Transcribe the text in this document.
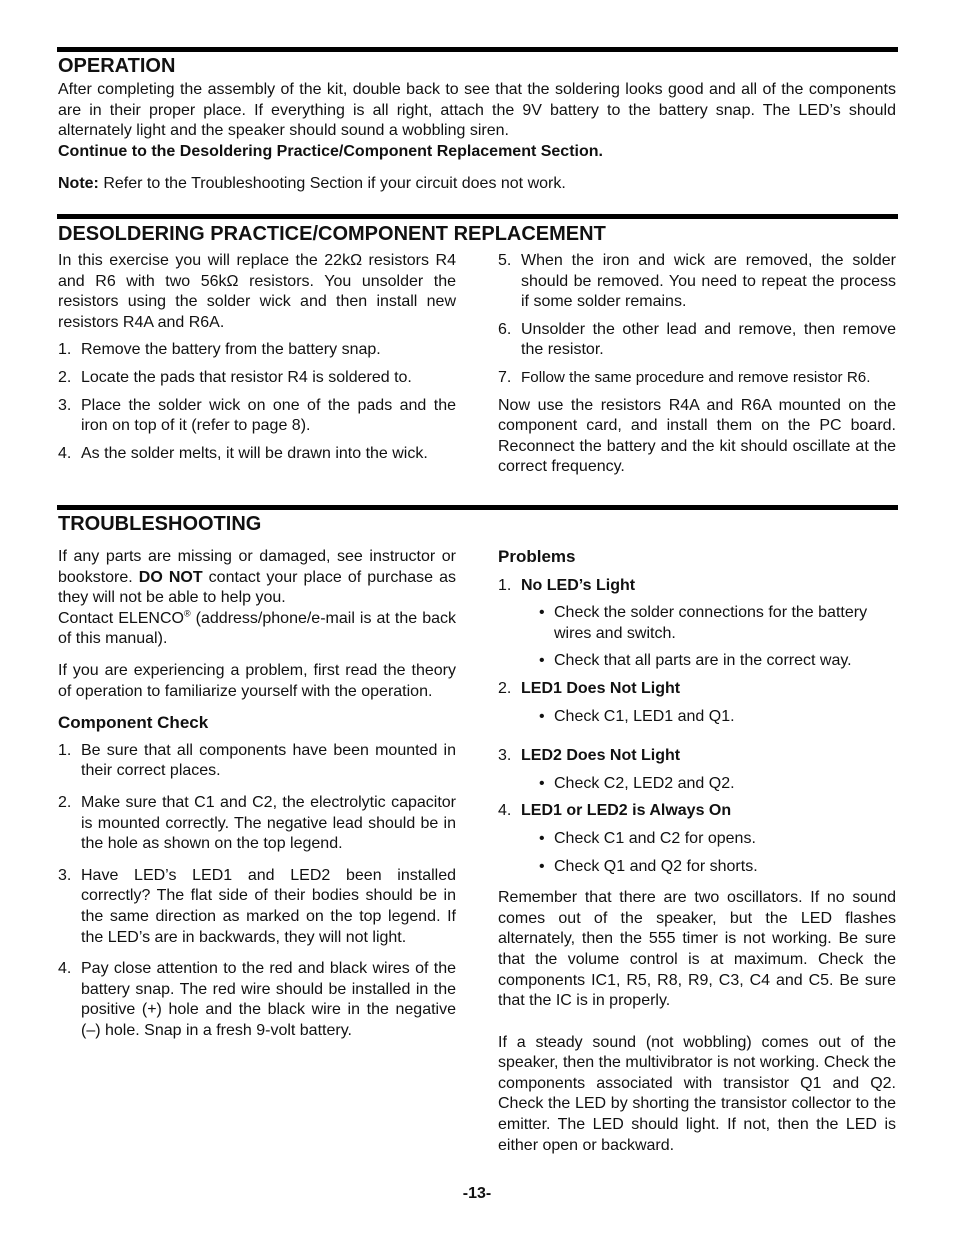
OPERATION

After completing the assembly of the kit, double back to see that the soldering looks good and all of the components are in their proper place. If everything is all right, attach the 9V battery to the battery snap. The LED’s should alternately light and the speaker should sound a wobbling siren.

Continue to the Desoldering Practice/Component Replacement Section.

Note: Refer to the Troubleshooting Section if your circuit does not work.

DESOLDERING PRACTICE/COMPONENT REPLACEMENT

In this exercise you will replace the 22kΩ resistors R4 and R6 with two 56kΩ resistors. You unsolder the resistors using the solder wick and then install new resistors R4A and R6A.

1. Remove the battery from the battery snap.
2. Locate the pads that resistor R4 is soldered to.
3. Place the solder wick on one of the pads and the iron on top of it (refer to page 8).
4. As the solder melts, it will be drawn into the wick.
5. When the iron and wick are removed, the solder should be removed. You need to repeat the process if some solder remains.
6. Unsolder the other lead and remove, then remove the resistor.
7. Follow the same procedure and remove resistor R6.

Now use the resistors R4A and R6A mounted on the component card, and install them on the PC board. Reconnect the battery and the kit should oscillate at the correct frequency.

TROUBLESHOOTING

If any parts are missing or damaged, see instructor or bookstore. DO NOT contact your place of purchase as they will not be able to help you.
Contact ELENCO® (address/phone/e-mail is at the back of this manual).

If you are experiencing a problem, first read the theory of operation to familiarize yourself with the operation.

Component Check

1. Be sure that all components have been mounted in their correct places.
2. Make sure that C1 and C2, the electrolytic capacitor is mounted correctly. The negative lead should be in the hole as shown on the top legend.
3. Have LED’s LED1 and LED2 been installed correctly? The flat side of their bodies should be in the same direction as marked on the top legend. If the LED’s are in backwards, they will not light.
4. Pay close attention to the red and black wires of the battery snap. The red wire should be installed in the positive (+) hole and the black wire in the negative (–) hole. Snap in a fresh 9-volt battery.

Problems

1. No LED’s Light
• Check the solder connections for the battery wires and switch.
• Check that all parts are in the correct way.
2. LED1 Does Not Light
• Check C1, LED1 and Q1.
3. LED2 Does Not Light
• Check C2, LED2 and Q2.
4. LED1 or LED2 is Always On
• Check C1 and C2 for opens.
• Check Q1 and Q2 for shorts.

Remember that there are two oscillators. If no sound comes out of the speaker, but the LED flashes alternately, then the 555 timer is not working. Be sure that the volume control is at maximum. Check the components IC1, R5, R8, R9, C3, C4 and C5. Be sure that the IC is in properly.

If a steady sound (not wobbling) comes out of the speaker, then the multivibrator is not working. Check the components associated with transistor Q1 and Q2. Check the LED by shorting the transistor collector to the emitter. The LED should light. If not, then the LED is either open or backward.

-13-
